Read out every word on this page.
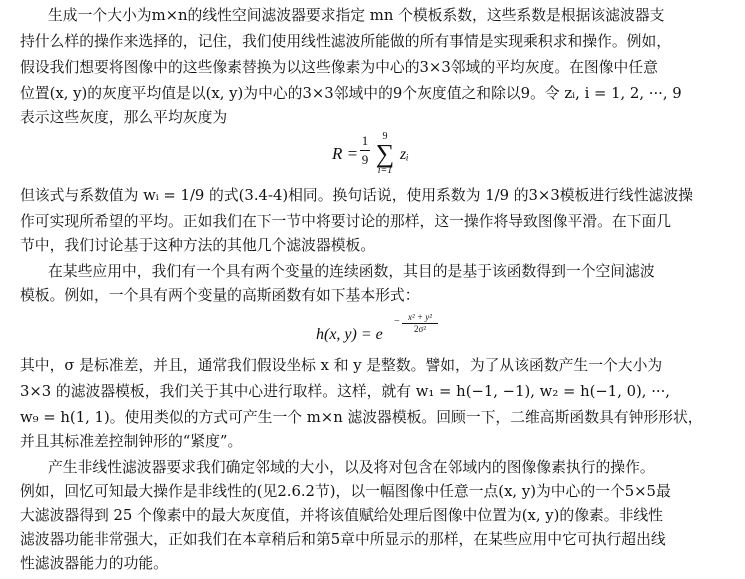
生成一个大小为m×n的线性空间滤波器要求指定 mn 个模板系数，这些系数是根据该滤波器支
持什么样的操作来选择的，记住，我们使用线性滤波所能做的所有事情是实现乘积求和操作。例如，
假设我们想要将图像中的这些像素替换为以这些像素为中心的3×3邻域的平均灰度。在图像中任意
位置(x, y)的灰度平均值是以(x, y)为中心的3×3邻域中的9个灰度值之和除以9。令 zᵢ, i = 1, 2, ···, 9
表示这些灰度，那么平均灰度为
R =
1
9
9
∑
i=1
zᵢ
但该式与系数值为 wᵢ = 1/9 的式(3.4-4)相同。换句话说，使用系数为 1/9 的3×3模板进行线性滤波操
作可实现所希望的平均。正如我们在下一节中将要讨论的那样，这一操作将导致图像平滑。在下面几
节中，我们讨论基于这种方法的其他几个滤波器模板。
在某些应用中，我们有一个具有两个变量的连续函数，其目的是基于该函数得到一个空间滤波
模板。例如，一个具有两个变量的高斯函数有如下基本形式：
h(x, y) = e
− x² + y²
2σ²
其中，σ 是标准差，并且，通常我们假设坐标 x 和 y 是整数。譬如，为了从该函数产生一个大小为
3×3 的滤波器模板，我们关于其中心进行取样。这样，就有 w₁ = h(−1, −1), w₂ = h(−1, 0), ···,
w₉ = h(1, 1)。使用类似的方式可产生一个 m×n 滤波器模板。回顾一下，二维高斯函数具有钟形形状，
并且其标准差控制钟形的“紧度”。
产生非线性滤波器要求我们确定邻域的大小，以及将对包含在邻域内的图像像素执行的操作。
例如，回忆可知最大操作是非线性的(见2.6.2节)，以一幅图像中任意一点(x, y)为中心的一个5×5最
大滤波器得到 25 个像素中的最大灰度值，并将该值赋给处理后图像中位置为(x, y)的像素。非线性
滤波器功能非常强大，正如我们在本章稍后和第5章中所显示的那样，在某些应用中它可执行超出线
性滤波器能力的功能。
